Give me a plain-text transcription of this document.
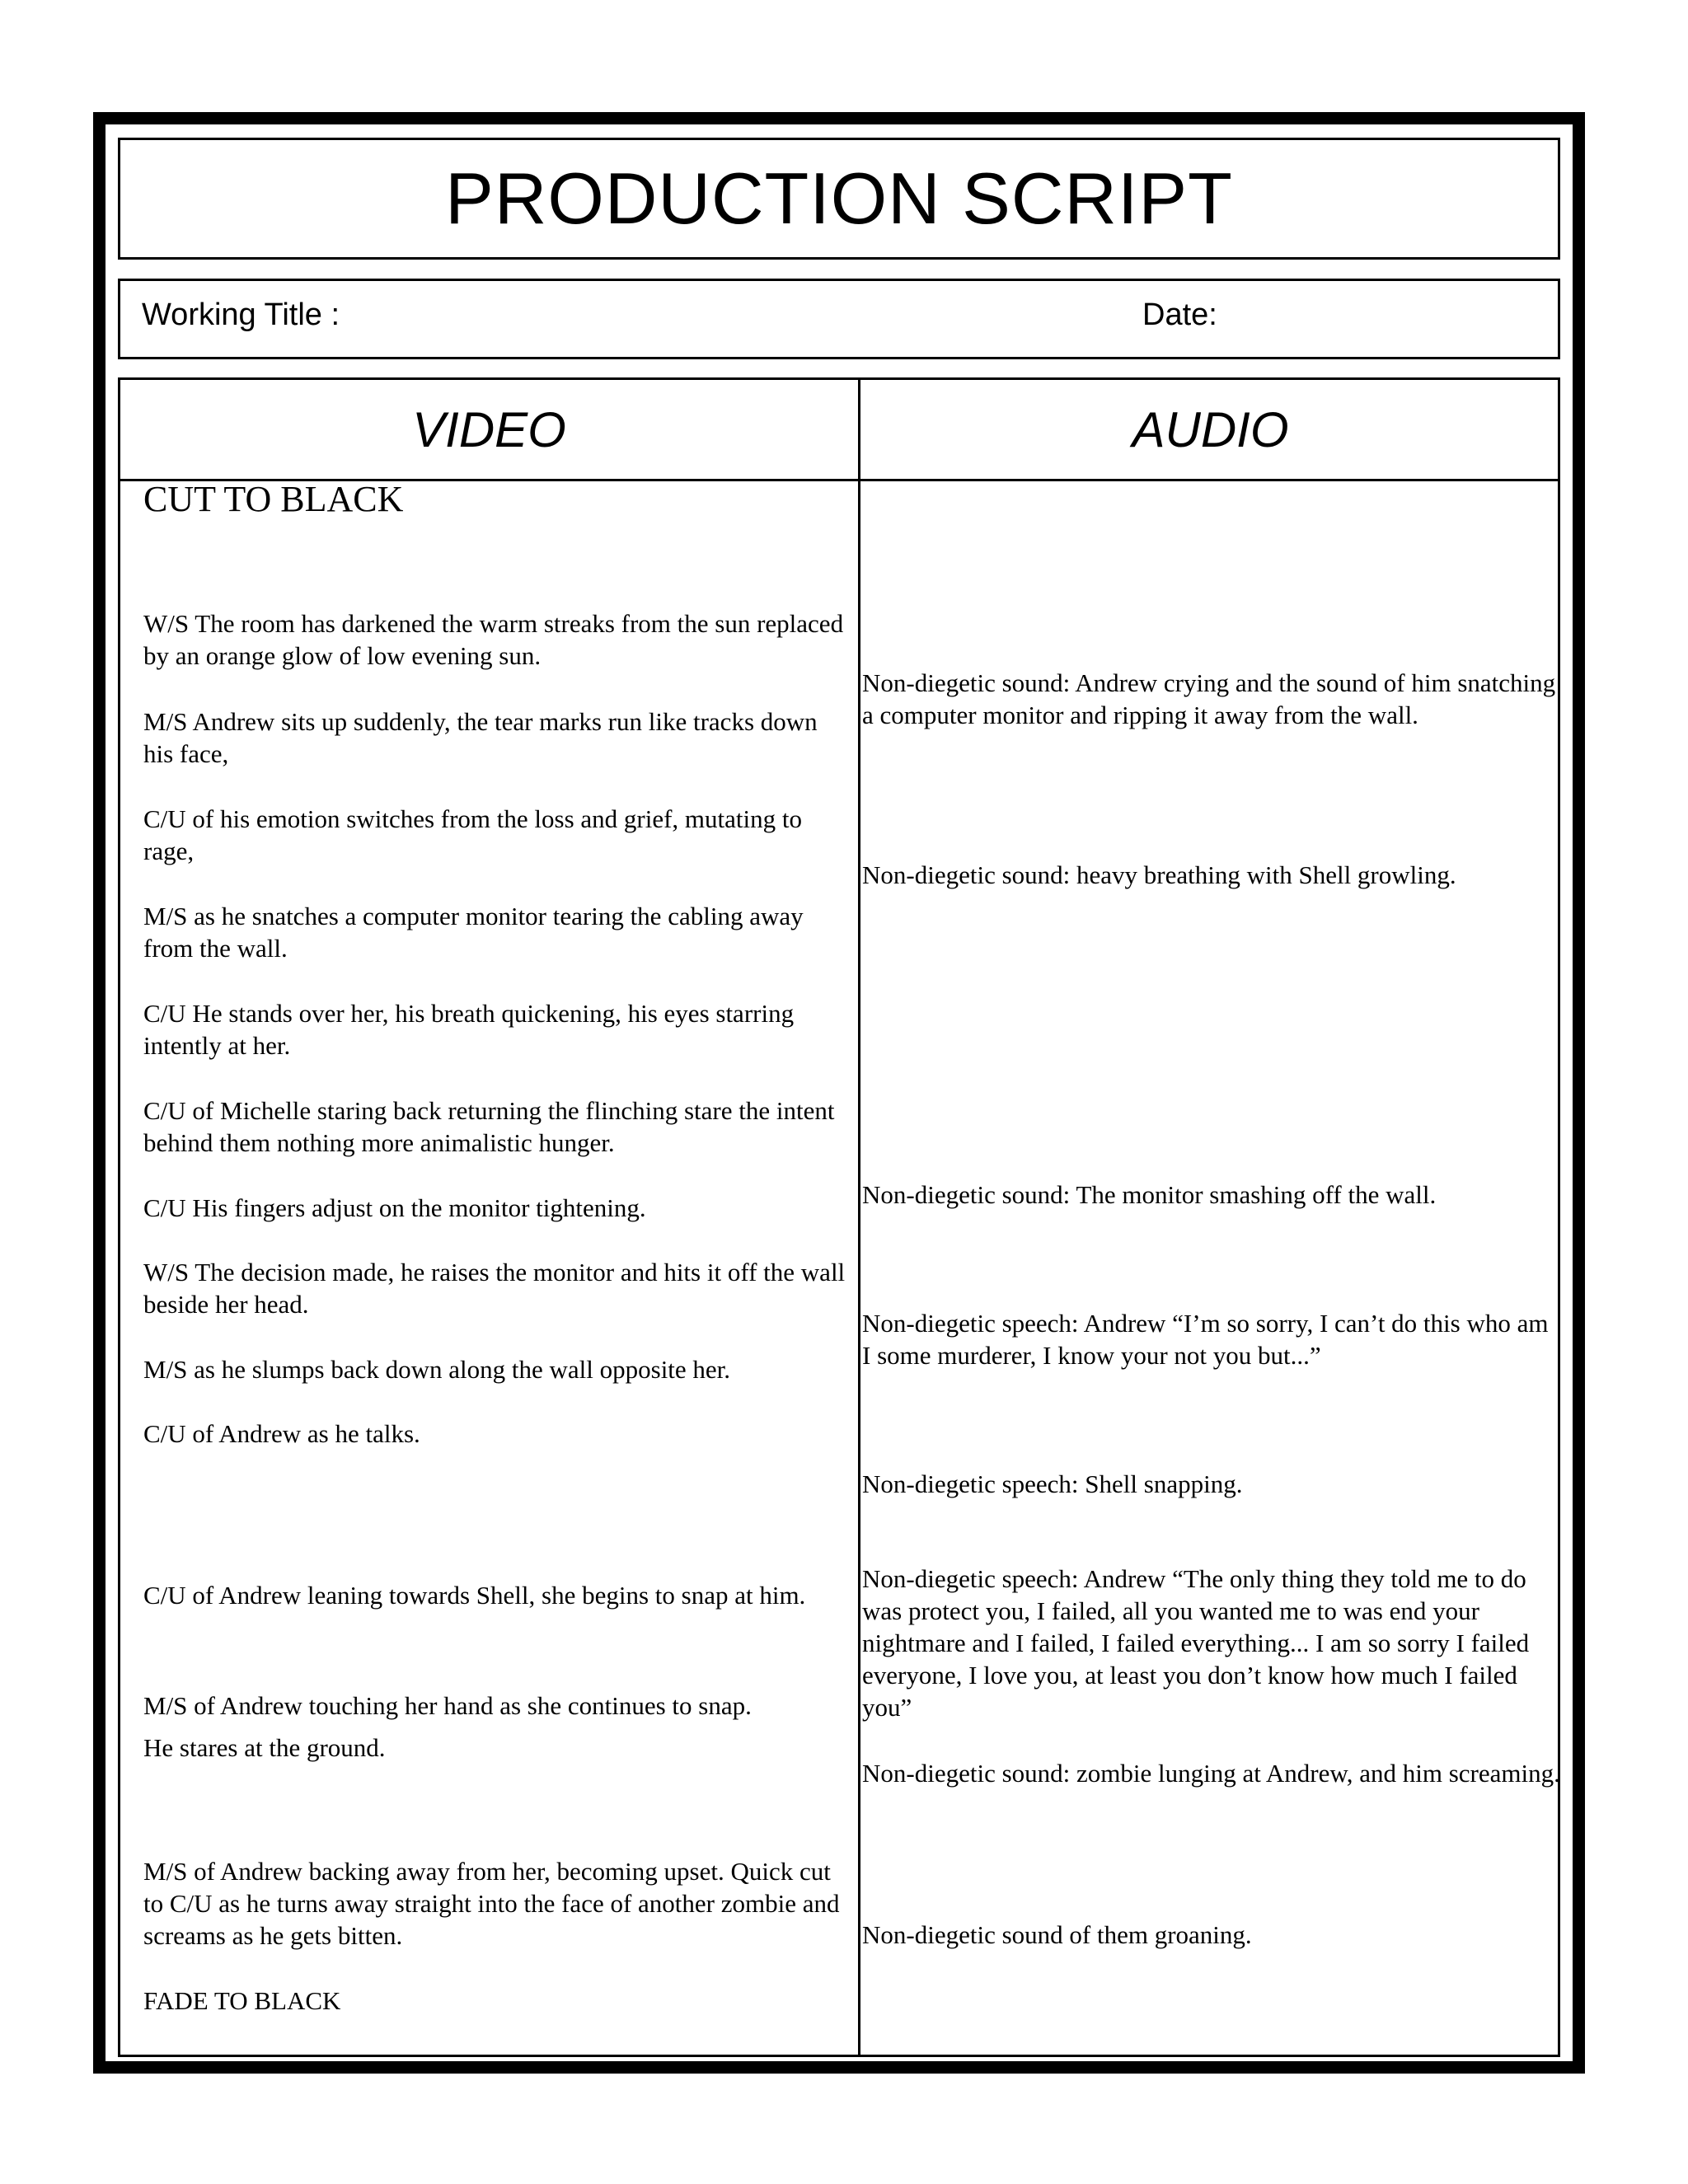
PRODUCTION SCRIPT
Working Title :	Date:
VIDEO	AUDIO

CUT TO BLACK

W/S The room has darkened the warm streaks from the sun replaced by an orange glow of low evening sun.

M/S Andrew sits up suddenly, the tear marks run like tracks down his face,

C/U of his emotion switches from the loss and grief, mutating to rage,

M/S as he snatches a computer monitor tearing the cabling away from the wall.

C/U He stands over her, his breath quickening, his eyes starring intently at her.

C/U of Michelle staring back returning the flinching stare the intent behind them nothing more animalistic hunger.

C/U His fingers adjust on the monitor tightening.

W/S The decision made, he raises the monitor and hits it off the wall beside her head.

M/S as he slumps back down along the wall opposite her.

C/U of Andrew as he talks.

C/U of Andrew leaning towards Shell, she begins to snap at him.

M/S of Andrew touching her hand as she continues to snap.

He stares at the ground.

M/S of Andrew backing away from her, becoming upset. Quick cut to C/U as he turns away straight into the face of another zombie and screams as he gets bitten.

FADE TO BLACK

Non-diegetic sound: Andrew crying and the sound of him snatching a computer monitor and ripping it away from the wall.

Non-diegetic sound: heavy breathing with Shell growling.

Non-diegetic sound: The monitor smashing off the wall.

Non-diegetic speech: Andrew “I’m so sorry, I can’t do this who am I some murderer, I know your not you but...”

Non-diegetic speech: Shell snapping.

Non-diegetic speech: Andrew “The only thing they told me to do was protect you, I failed, all you wanted me to was end your nightmare and I failed, I failed everything... I am so sorry I failed everyone, I love you, at least you don’t know how much I failed you”

Non-diegetic sound: zombie lunging at Andrew, and him screaming.

Non-diegetic sound of them groaning.
